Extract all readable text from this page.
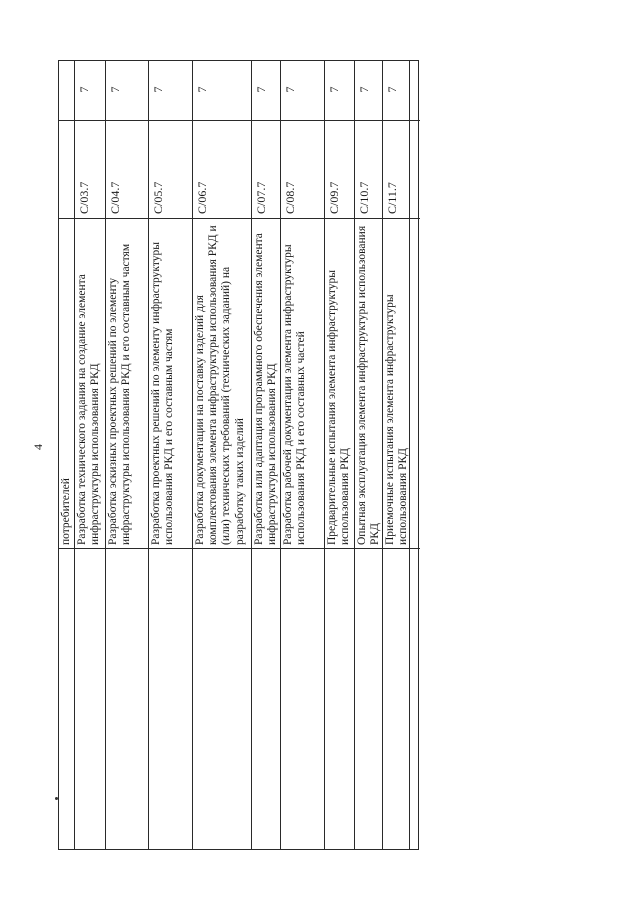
4
потребителей Разработка технического задания на создание элемента инфраструктуры использования РКД
С/03.7
7
Разработка эскизных проектных решений по элементу инфраструктуры использования РКД и его составным частям
С/04.7
7
Разработка проектных решений по элементу инфраструктуры использования РКД и его составным частям
С/05.7
7
Разработка документации на поставку изделий для комплектования элемента инфраструктуры использования РКД и (или) технических требований (технических заданий) на разработку таких изделий
С/06.7
7
Разработка или адаптация программного обеспечения элемента инфраструктуры использования РКД
С/07.7
7
Разработка рабочей документации элемента инфраструктуры использования РКД и его составных частей
С/08.7
7
Предварительные испытания элемента инфраструктуры использования РКД
С/09.7
7
Опытная эксплуатация элемента инфраструктуры использования РКД
С/10.7
7
Приемочные испытания элемента инфраструктуры использования РКД
С/11.7
7
